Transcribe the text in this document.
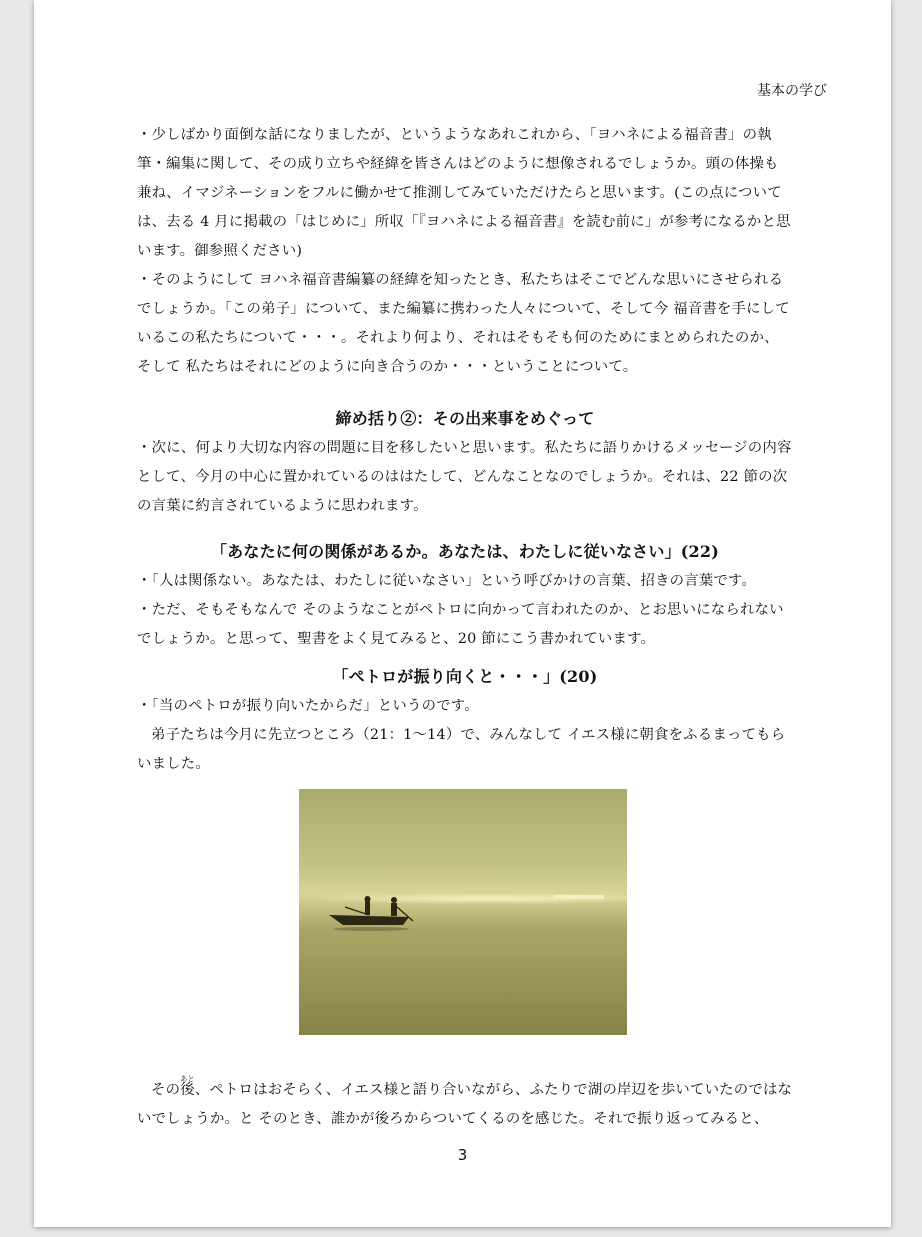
基本の学び

・少しばかり面倒な話になりましたが、というようなあれこれから、「ヨハネによる福音書」の執筆・編集に関して、その成り立ちや経緯を皆さんはどのように想像されるでしょうか。頭の体操も兼ね、イマジネーションをフルに働かせて推測してみていただけたらと思います。(この点については、去る 4 月に掲載の「はじめに」所収「『ヨハネによる福音書』を読む前に」が参考になるかと思います。御参照ください)

・そのようにして ヨハネ福音書編纂の経緯を知ったとき、私たちはそこでどんな思いにさせられるでしょうか。「この弟子」について、また編纂に携わった人々について、そして今 福音書を手にしているこの私たちについて・・・。それより何より、それはそもそも何のためにまとめられたのか、そして 私たちはそれにどのように向き合うのか・・・ということについて。

締め括り②：その出来事をめぐって

・次に、何より大切な内容の問題に目を移したいと思います。私たちに語りかけるメッセージの内容として、今月の中心に置かれているのははたして、どんなことなのでしょうか。それは、22 節の次の言葉に約言されているように思われます。

「あなたに何の関係があるか。あなたは、わたしに従いなさい」(22)

・「人は関係ない。あなたは、わたしに従いなさい」という呼びかけの言葉、招きの言葉です。

・ただ、そもそもなんで そのようなことがペトロに向かって言われたのか、とお思いになられないでしょうか。と思って、聖書をよく見てみると、20 節にこう書かれています。

「ペトロが振り向くと・・・」(20)

・「当のペトロが振り向いたからだ」というのです。

弟子たちは今月に先立つところ（21：1〜14）で、みんなして イエス様に朝食をふるまってもらいました。

その後あと、ペトロはおそらく、イエス様と語り合いながら、ふたりで湖の岸辺を歩いていたのではないでしょうか。と そのとき、誰かが後ろからついてくるのを感じた。それで振り返ってみると、

3
